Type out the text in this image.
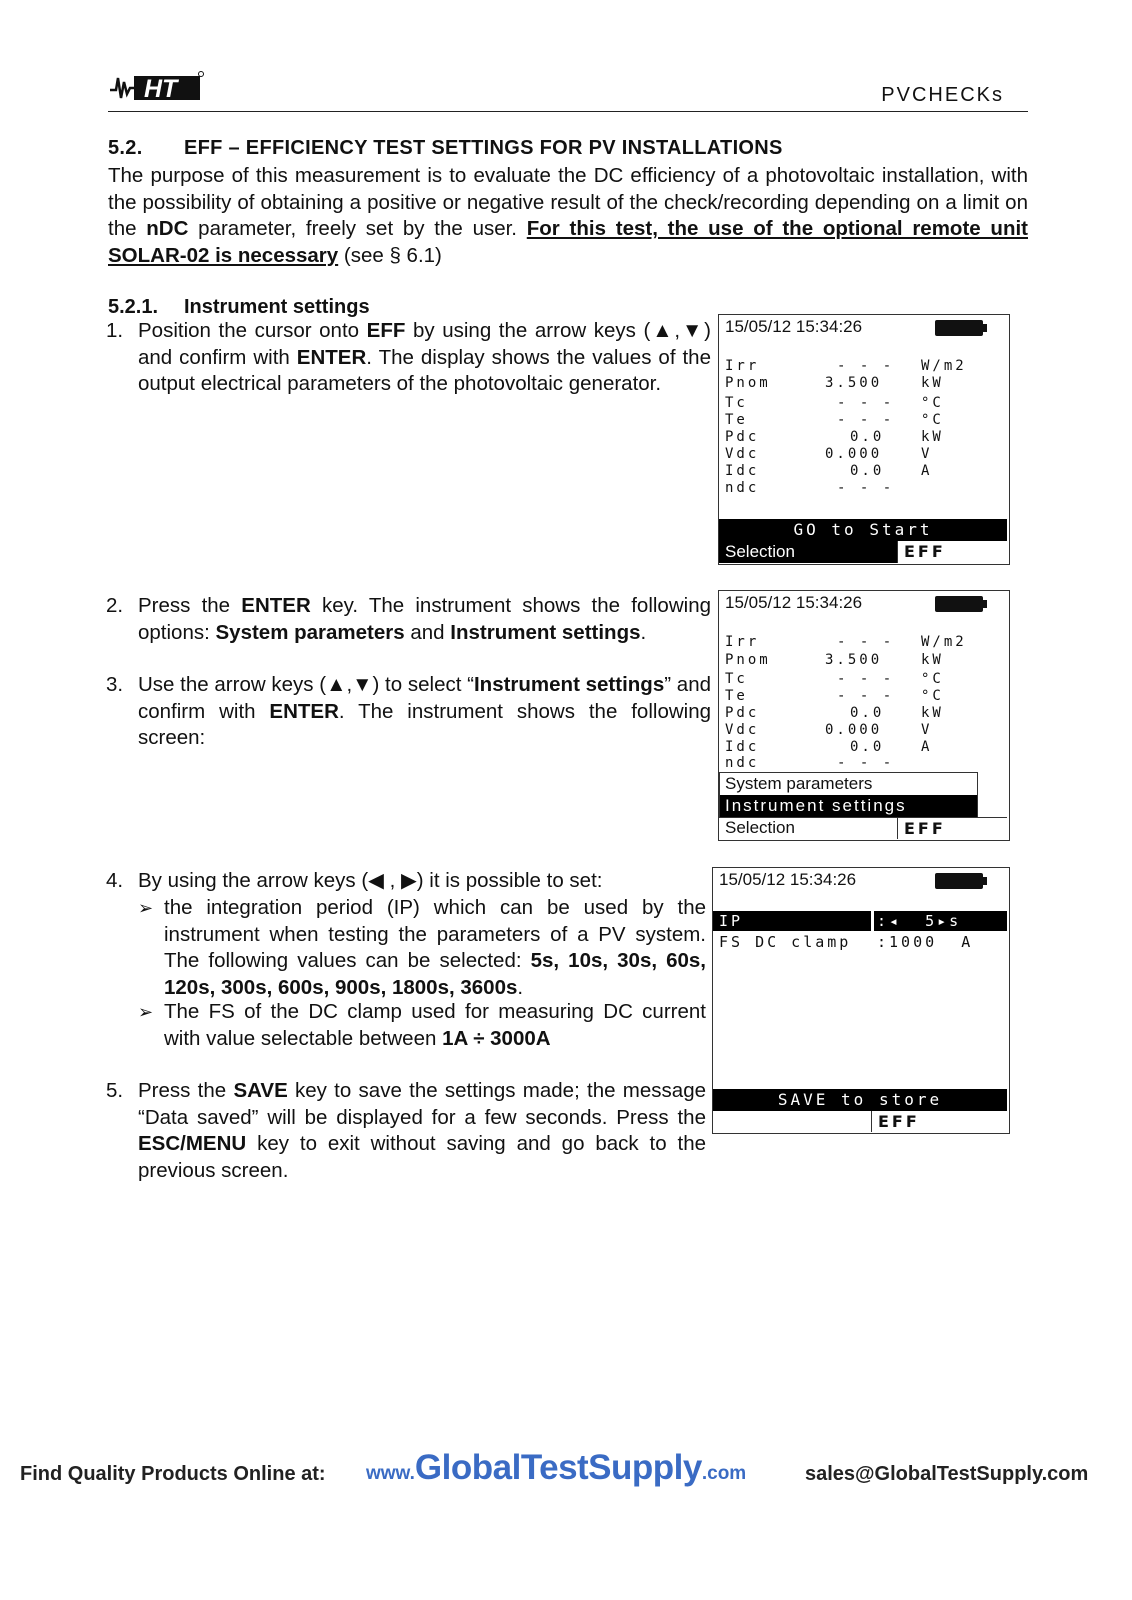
HT	PVCHECKs
5.2. EFF – EFFICIENCY TEST SETTINGS FOR PV INSTALLATIONS
The purpose of this measurement is to evaluate the DC efficiency of a photovoltaic installation, with the possibility of obtaining a positive or negative result of the check/recording depending on a limit on the nDC parameter, freely set by the user. For this test, the use of the optional remote unit SOLAR-02 is necessary (see § 6.1)
5.2.1. Instrument settings
1. Position the cursor onto EFF by using the arrow keys (▲,▼) and confirm with ENTER. The display shows the values of the output electrical parameters of the photovoltaic generator.
15/05/12 15:34:26
Irr	- - - W/m2
Pnom	3.500	kW
Tc	- - - °C
Te	- - - °C
Pdc	0.0	kW
Vdc	0.000	V
Idc	0.0	A
ndc	- - -
GO to Start
Selection	EFF
2. Press the ENTER key. The instrument shows the following options: System parameters and Instrument settings.
3. Use the arrow keys (▲,▼) to select “Instrument settings” and confirm with ENTER. The instrument shows the following screen:
15/05/12 15:34:26
Irr	- - - W/m2
Pnom	3.500	kW
Tc	- - - °C
Te	- - - °C
Pdc	0.0	kW
Vdc	0.000	V
Idc	0.0	A
ndc	- - -
System parameters
Instrument settings
Selection	EFF
4. By using the arrow keys (◀ , ▶) it is possible to set:
➢ the integration period (IP) which can be used by the instrument when testing the parameters of a PV system. The following values can be selected: 5s, 10s, 30s, 60s, 120s, 300s, 600s, 900s, 1800s, 3600s.
➢ The FS of the DC clamp used for measuring DC current with value selectable between 1A ÷ 3000A
5. Press the SAVE key to save the settings made; the message “Data saved” will be displayed for a few seconds. Press the ESC/MENU key to exit without saving and go back to the previous screen.
15/05/12 15:34:26
IP	:◂  5▸s
FS DC clamp :1000  A
SAVE to store
EFF
Find Quality Products Online at: www.GlobalTestSupply.com	sales@GlobalTestSupply.com
